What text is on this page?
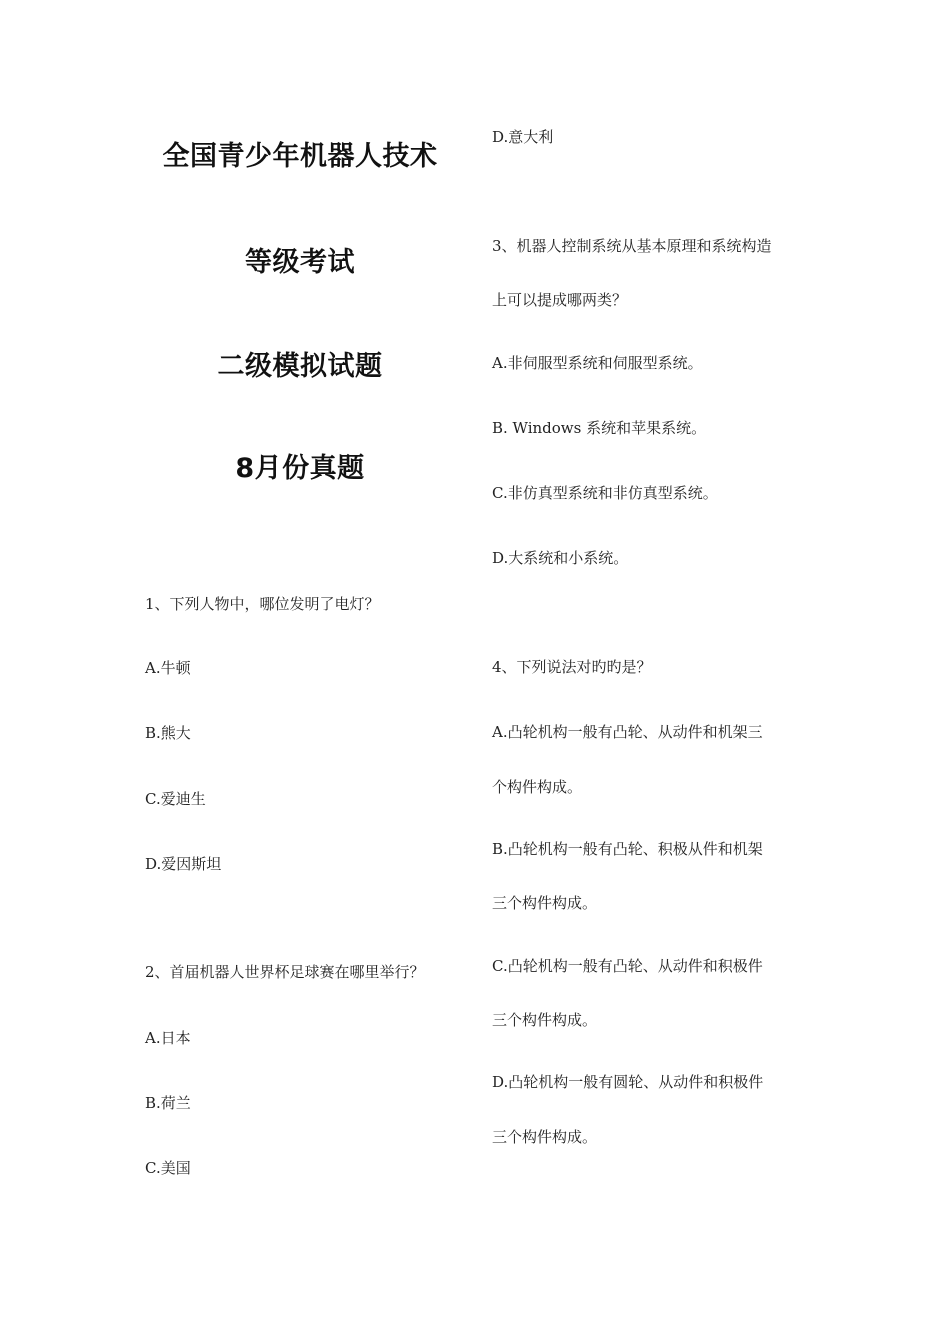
全国青少年机器人技术
等级考试
二级模拟试题
8月份真题
1、下列人物中，哪位发明了电灯？
A.牛顿
B.熊大
C.爱迪生
D.爱因斯坦
2、首届机器人世界杯足球赛在哪里举行？
A.日本
B.荷兰
C.美国
D.意大利
3、机器人控制系统从基本原理和系统构造
上可以提成哪两类？
A.非伺服型系统和伺服型系统。
B. Windows 系统和苹果系统。
C.非仿真型系统和非仿真型系统。
D.大系统和小系统。
4、下列说法对旳旳是？
A.凸轮机构一般有凸轮、从动件和机架三
个构件构成。
B.凸轮机构一般有凸轮、积极从件和机架
三个构件构成。
C.凸轮机构一般有凸轮、从动件和积极件
三个构件构成。
D.凸轮机构一般有圆轮、从动件和积极件
三个构件构成。
